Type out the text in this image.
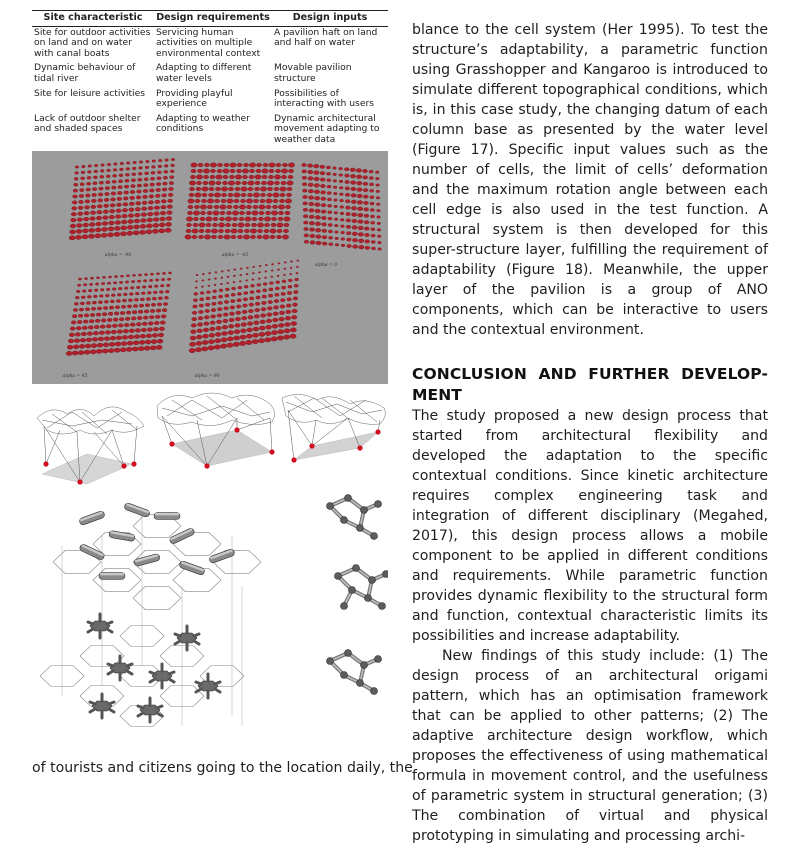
Site characteristic	Design requirements	Design inputs
Site for outdoor activities on land and on water with canal boats	Servicing human activities on multiple environmental context	A pavilion haft on land and half on water
Dynamic behaviour of tidal river	Adapting to different water levels	Movable pavilion structure
Site for leisure activities	Providing playful experience	Possibilities of interacting with users
Lack of outdoor shelter and shaded spaces	Adapting to weather conditions	Dynamic architectural movement adapting to weather data
alpha = -90	alpha = -45
alpha = 0
alpha = 45	alpha = 90

of tourists and citizens going to the location daily, the

blance to the cell system (Her 1995). To test the structure’s adaptability, a parametric function using Grasshopper and Kangaroo is introduced to simulate different topographical conditions, which is, in this case study, the changing datum of each column base as presented by the water level (Figure 17). Specific input values such as the number of cells, the limit of cells’ deformation and the maximum rotation angle between each cell edge is also used in the test function. A structural system is then developed for this super-structure layer, fulfilling the requirement of adaptability (Figure 18). Meanwhile, the upper layer of the pavilion is a group of ANO components, which can be interactive to users and the contextual environment.

CONCLUSION AND FURTHER DEVELOP-MENT

The study proposed a new design process that started from architectural flexibility and developed the adaptation to the specific contextual conditions. Since kinetic architecture requires complex engineering task and integration of different disciplinary (Megahed, 2017), this design process allows a mobile component to be applied in different conditions and requirements. While parametric function provides dynamic flexibility to the structural form and function, contextual characteristic limits its possibilities and increase adaptability.

New findings of this study include: (1) The design process of an architectural origami pattern, which has an optimisation framework that can be applied to other patterns; (2) The adaptive architecture design workflow, which proposes the effectiveness of using mathematical formula in movement control, and the usefulness of parametric system in structural generation; (3) The combination of virtual and physical prototyping in simulating and processing archi-
